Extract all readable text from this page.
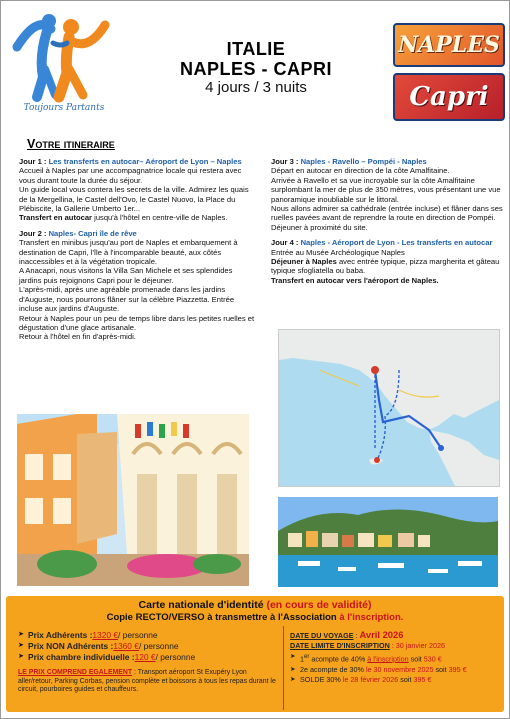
Toujours Partants
ITALIE
NAPLES - CAPRI
4 jours / 3 nuits
NAPLES
Capri
Votre itineraire
Jour 1 : Les transferts en autocar– Aéroport de Lyon – Naples

Accueil à Naples par une accompagnatrice locale qui restera avec vous durant toute la durée du séjour.

Un guide local vous contera les secrets de la ville. Admirez les quais de la Mergellina, le Castel dell'Ovo, le Castel Nuovo, la Place du Plébiscite, la Gallerie Umberto 1er...

Transfert en autocar jusqu'à l'hôtel en centre-ville de Naples.

Jour 2 : Naples- Capri île de rêve

Transfert en minibus jusqu'au port de Naples et embarquement à destination de Capri, l'île à l'incomparable beauté, aux côtés inaccessibles et à la végétation tropicale.

A Anacapri, nous visitons la Villa San Michele et ses splendides jardins puis rejoignons Capri pour le déjeuner.

L'après-midi, après une agréable promenade dans les jardins d'Auguste, nous pourrons flâner sur la célèbre Piazzetta. Entrée incluse aux jardins d'Auguste.

Retour à Naples pour un peu de temps libre dans les petites ruelles et dégustation d'une glace artisanale.

Retour à l'hôtel en fin d'après-midi.

Jour 3 : Naples - Ravello – Pompéi - Naples

Départ en autocar en direction de la côte Amalfitaine.

Arrivée à Ravello et sa vue incroyable sur la côte Amalfitaine surplombant la mer de plus de 350 mètres, vous présentant une vue panoramique inoubliable sur le littoral.

Nous allons admirer sa cathédrale (entrée incluse) et flâner dans ses ruelles pavées avant de reprendre la route en direction de Pompéi.

Déjeuner à proximité du site.

Jour 4 : Naples - Aéroport de Lyon - Les transferts en autocar

Entrée au Musée Archéologique Naples

Déjeuner à Naples avec entrée typique, pizza margherita et gâteau typique sfogliatella ou baba.

Transfert en autocar vers l'aéroport de Naples.

Carte nationale d'identité (en cours de validité)
Copie RECTO/VERSO à transmettre à l'Association à l'inscription.
➤ Prix Adhérents : 1320 € / personne
➤ Prix NON Adhérents : 1360 € / personne
➤ Prix chambre individuelle : 120 € / personne
LE PRIX COMPREND EGALEMENT : Transport aéroport St Exupéry Lyon aller/retour, Parking Corbas, pension complète et boissons à tous les repas durant le circuit, pourboires guides et chauffeurs.
DATE DU VOYAGE : Avril 2026
DATE LIMITE D'INSCRIPTION : 30 janvier 2026
➤ 1er acompte de 40% à l'inscription soit 530 €
➤ 2e acompte de 30% le 30 novembre 2025 soit 395 €
➤ SOLDE 30% le 28 février 2026 soit 395 €
